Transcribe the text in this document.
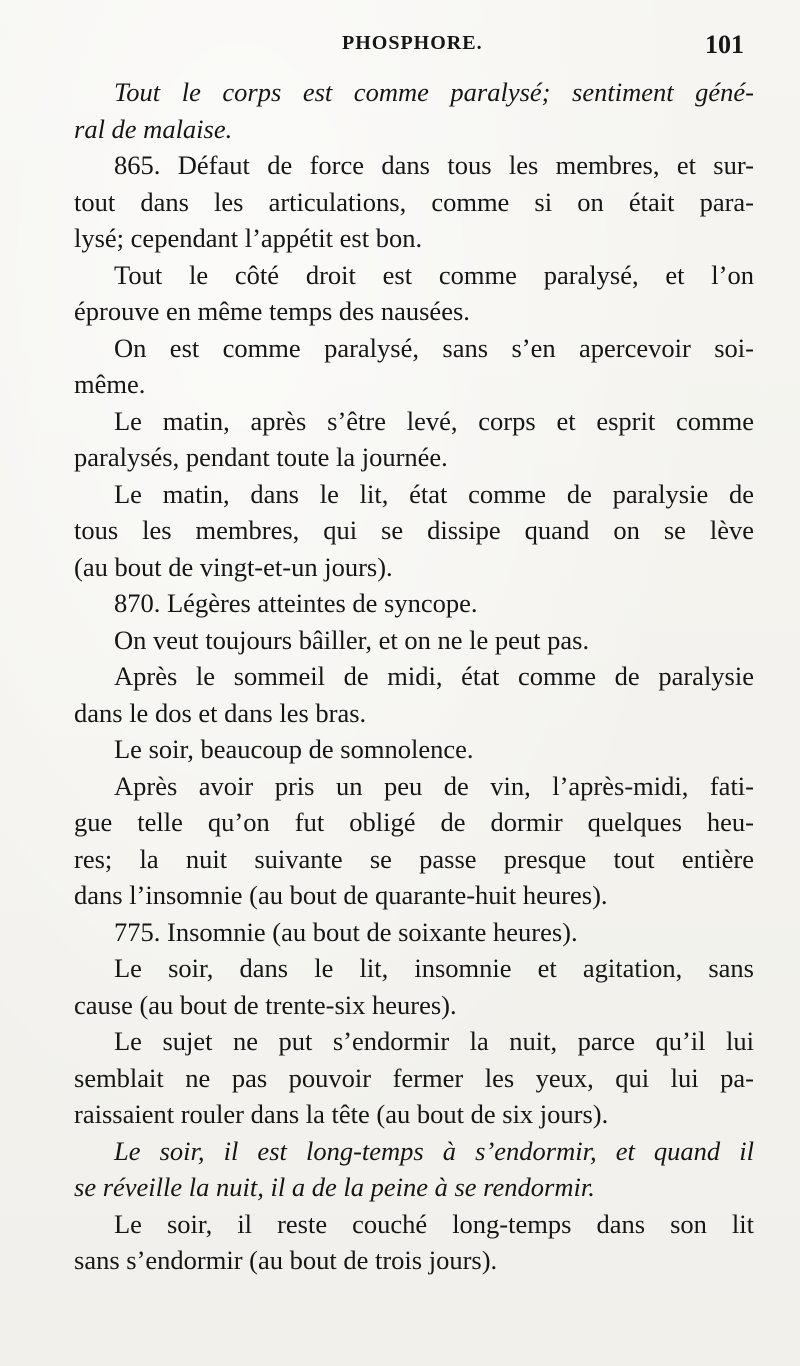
PHOSPHORE.	101
Tout le corps est comme paralysé; sentiment géné-
ral de malaise.
865. Défaut de force dans tous les membres, et sur-
tout dans les articulations, comme si on était para-
lysé; cependant l’appétit est bon.
Tout le côté droit est comme paralysé, et l’on
éprouve en même temps des nausées.
On est comme paralysé, sans s’en apercevoir soi-
même.
Le matin, après s’être levé, corps et esprit comme
paralysés, pendant toute la journée.
Le matin, dans le lit, état comme de paralysie de
tous les membres, qui se dissipe quand on se lève
(au bout de vingt-et-un jours).
870. Légères atteintes de syncope.
On veut toujours bâiller, et on ne le peut pas.
Après le sommeil de midi, état comme de paralysie
dans le dos et dans les bras.
Le soir, beaucoup de somnolence.
Après avoir pris un peu de vin, l’après-midi, fati-
gue telle qu’on fut obligé de dormir quelques heu-
res; la nuit suivante se passe presque tout entière
dans l’insomnie (au bout de quarante-huit heures).
775. Insomnie (au bout de soixante heures).
Le soir, dans le lit, insomnie et agitation, sans
cause (au bout de trente-six heures).
Le sujet ne put s’endormir la nuit, parce qu’il lui
semblait ne pas pouvoir fermer les yeux, qui lui pa-
raissaient rouler dans la tête (au bout de six jours).
Le soir, il est long-temps à s’endormir, et quand il
se réveille la nuit, il a de la peine à se rendormir.
Le soir, il reste couché long-temps dans son lit
sans s’endormir (au bout de trois jours).
